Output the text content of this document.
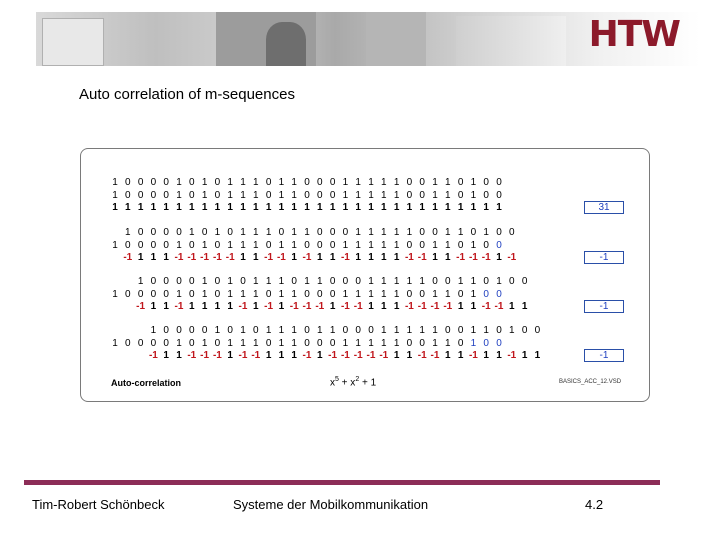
HTW
Auto correlation of m-sequences
1 0 0 0 0 1 0 1 0 1 1 1 0 1 1 0 0 0 1 1 1 1 1 0 0 1 1 0 1 0 0
1 0 0 0 0 1 0 1 0 1 1 1 0 1 1 0 0 0 1 1 1 1 1 0 0 1 1 0 1 0 0
1 1 1 1 1 1 1 1 1 1 1 1 1 1 1 1 1 1 1 1 1 1 1 1 1 1 1 1 1 1 1	31
1 0 0 0 0 1 0 1 0 1 1 1 0 1 1 0 0 0 1 1 1 1 1 0 0 1 1 0 1 0 0
1 0 0 0 0 1 0 1 0 1 1 1 0 1 1 0 0 0 1 1 1 1 1 0 0 1 1 0 1 0 0
-1 1 1 1 -1 -1 -1 -1 -1 1 1 -1 -1 1 -1 1 1 -1 1 1 1 1 -1 -1 1 1 -1 -1 -1 1 -1	-1
1 0 0 0 0 1 0 1 0 1 1 1 0 1 1 0 0 0 1 1 1 1 1 0 0 1 1 0 1 0 0
1 0 0 0 0 1 0 1 0 1 1 1 0 1 1 0 0 0 1 1 1 1 1 0 0 1 1 0 1 0 0
-1 1 1 -1 1 1 1 1 -1 1 -1 1 -1 -1 -1 1 -1 -1 1 1 1 -1 -1 -1 -1 1 1 -1 -1 1 1	-1
1 0 0 0 0 1 0 1 0 1 1 1 0 1 1 0 0 0 1 1 1 1 1 0 0 1 1 0 1 0 0
1 0 0 0 0 1 0 1 0 1 1 1 0 1 1 0 0 0 1 1 1 1 1 0 0 1 1 0 1 0 0
-1 1 1 -1 -1 -1 1 -1 -1 1 1 1 -1 1 -1 -1 -1 -1 -1 1 1 -1 -1 1 1 -1 1 1 -1 1 1	-1
Auto-correlation	$x^5 + x^2 + 1$	BASICS_ACC_12.VSD
Tim-Robert Schönbeck	Systeme der Mobilkommunikation	4.2
